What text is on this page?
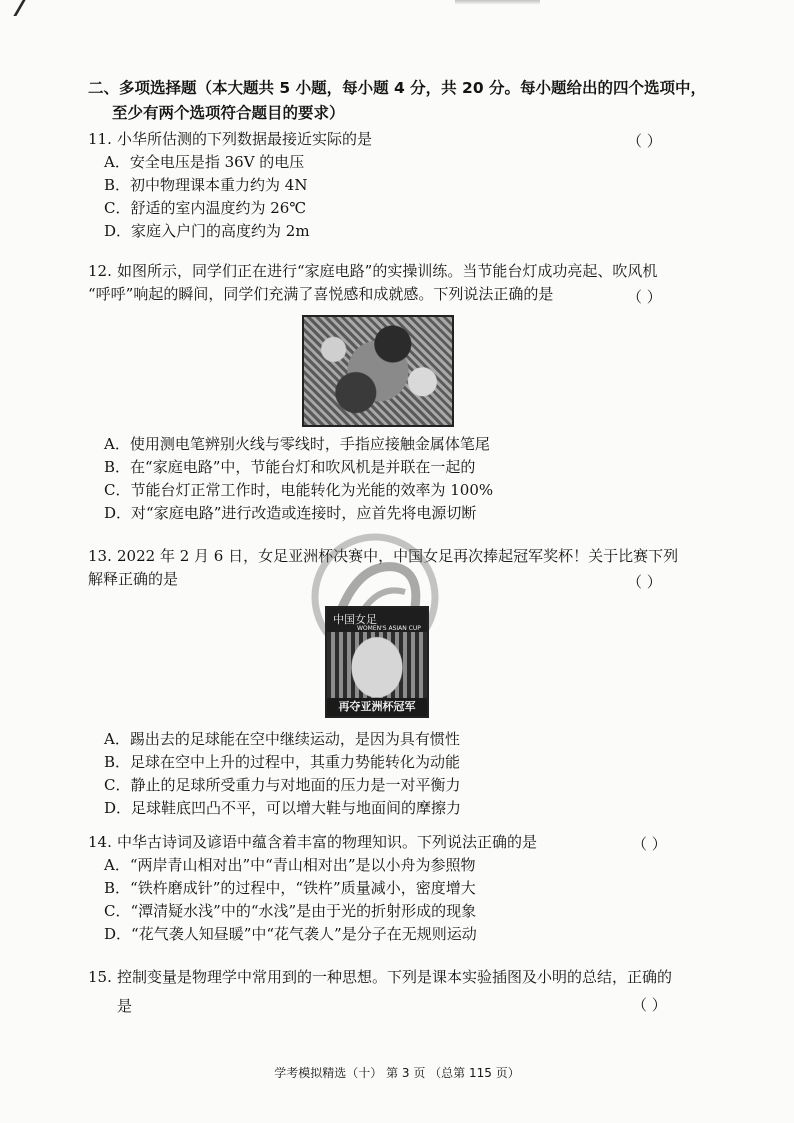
二、多项选择题（本大题共 5 小题，每小题 4 分，共 20 分。每小题给出的四个选项中，
至少有两个选项符合题目的要求）
11. 小华所估测的下列数据最接近实际的是
A．安全电压是指 36V 的电压
B．初中物理课本重力约为 4N
C．舒适的室内温度约为 26℃
D．家庭入户门的高度约为 2m
（ ）
12. 如图所示，同学们正在进行“家庭电路”的实操训练。当节能台灯成功亮起、吹风机
“呼呼”响起的瞬间，同学们充满了喜悦感和成就感。下列说法正确的是	（ ）
A．使用测电笔辨别火线与零线时，手指应接触金属体笔尾
B．在“家庭电路”中，节能台灯和吹风机是并联在一起的
C．节能台灯正常工作时，电能转化为光能的效率为 100%
D．对“家庭电路”进行改造或连接时，应首先将电源切断
13. 2022 年 2 月 6 日，女足亚洲杯决赛中，中国女足再次捧起冠军奖杯！关于比赛下列
解释正确的是	（ ）
中国女足
WOMEN'S ASIAN CUP
再夺亚洲杯冠军
A．踢出去的足球能在空中继续运动，是因为具有惯性
B．足球在空中上升的过程中，其重力势能转化为动能
C．静止的足球所受重力与对地面的压力是一对平衡力
D．足球鞋底凹凸不平，可以增大鞋与地面间的摩擦力
14. 中华古诗词及谚语中蕴含着丰富的物理知识。下列说法正确的是
A．“两岸青山相对出”中“青山相对出”是以小舟为参照物
B．“铁杵磨成针”的过程中，“铁杵”质量减小，密度增大
C．“潭清疑水浅”中的“水浅”是由于光的折射形成的现象
D．“花气袭人知昼暖”中“花气袭人”是分子在无规则运动
（ ）
15. 控制变量是物理学中常用到的一种思想。下列是课本实验插图及小明的总结，正确的
是	（ ）
学考模拟精选（十） 第 3 页 （总第 115 页）
